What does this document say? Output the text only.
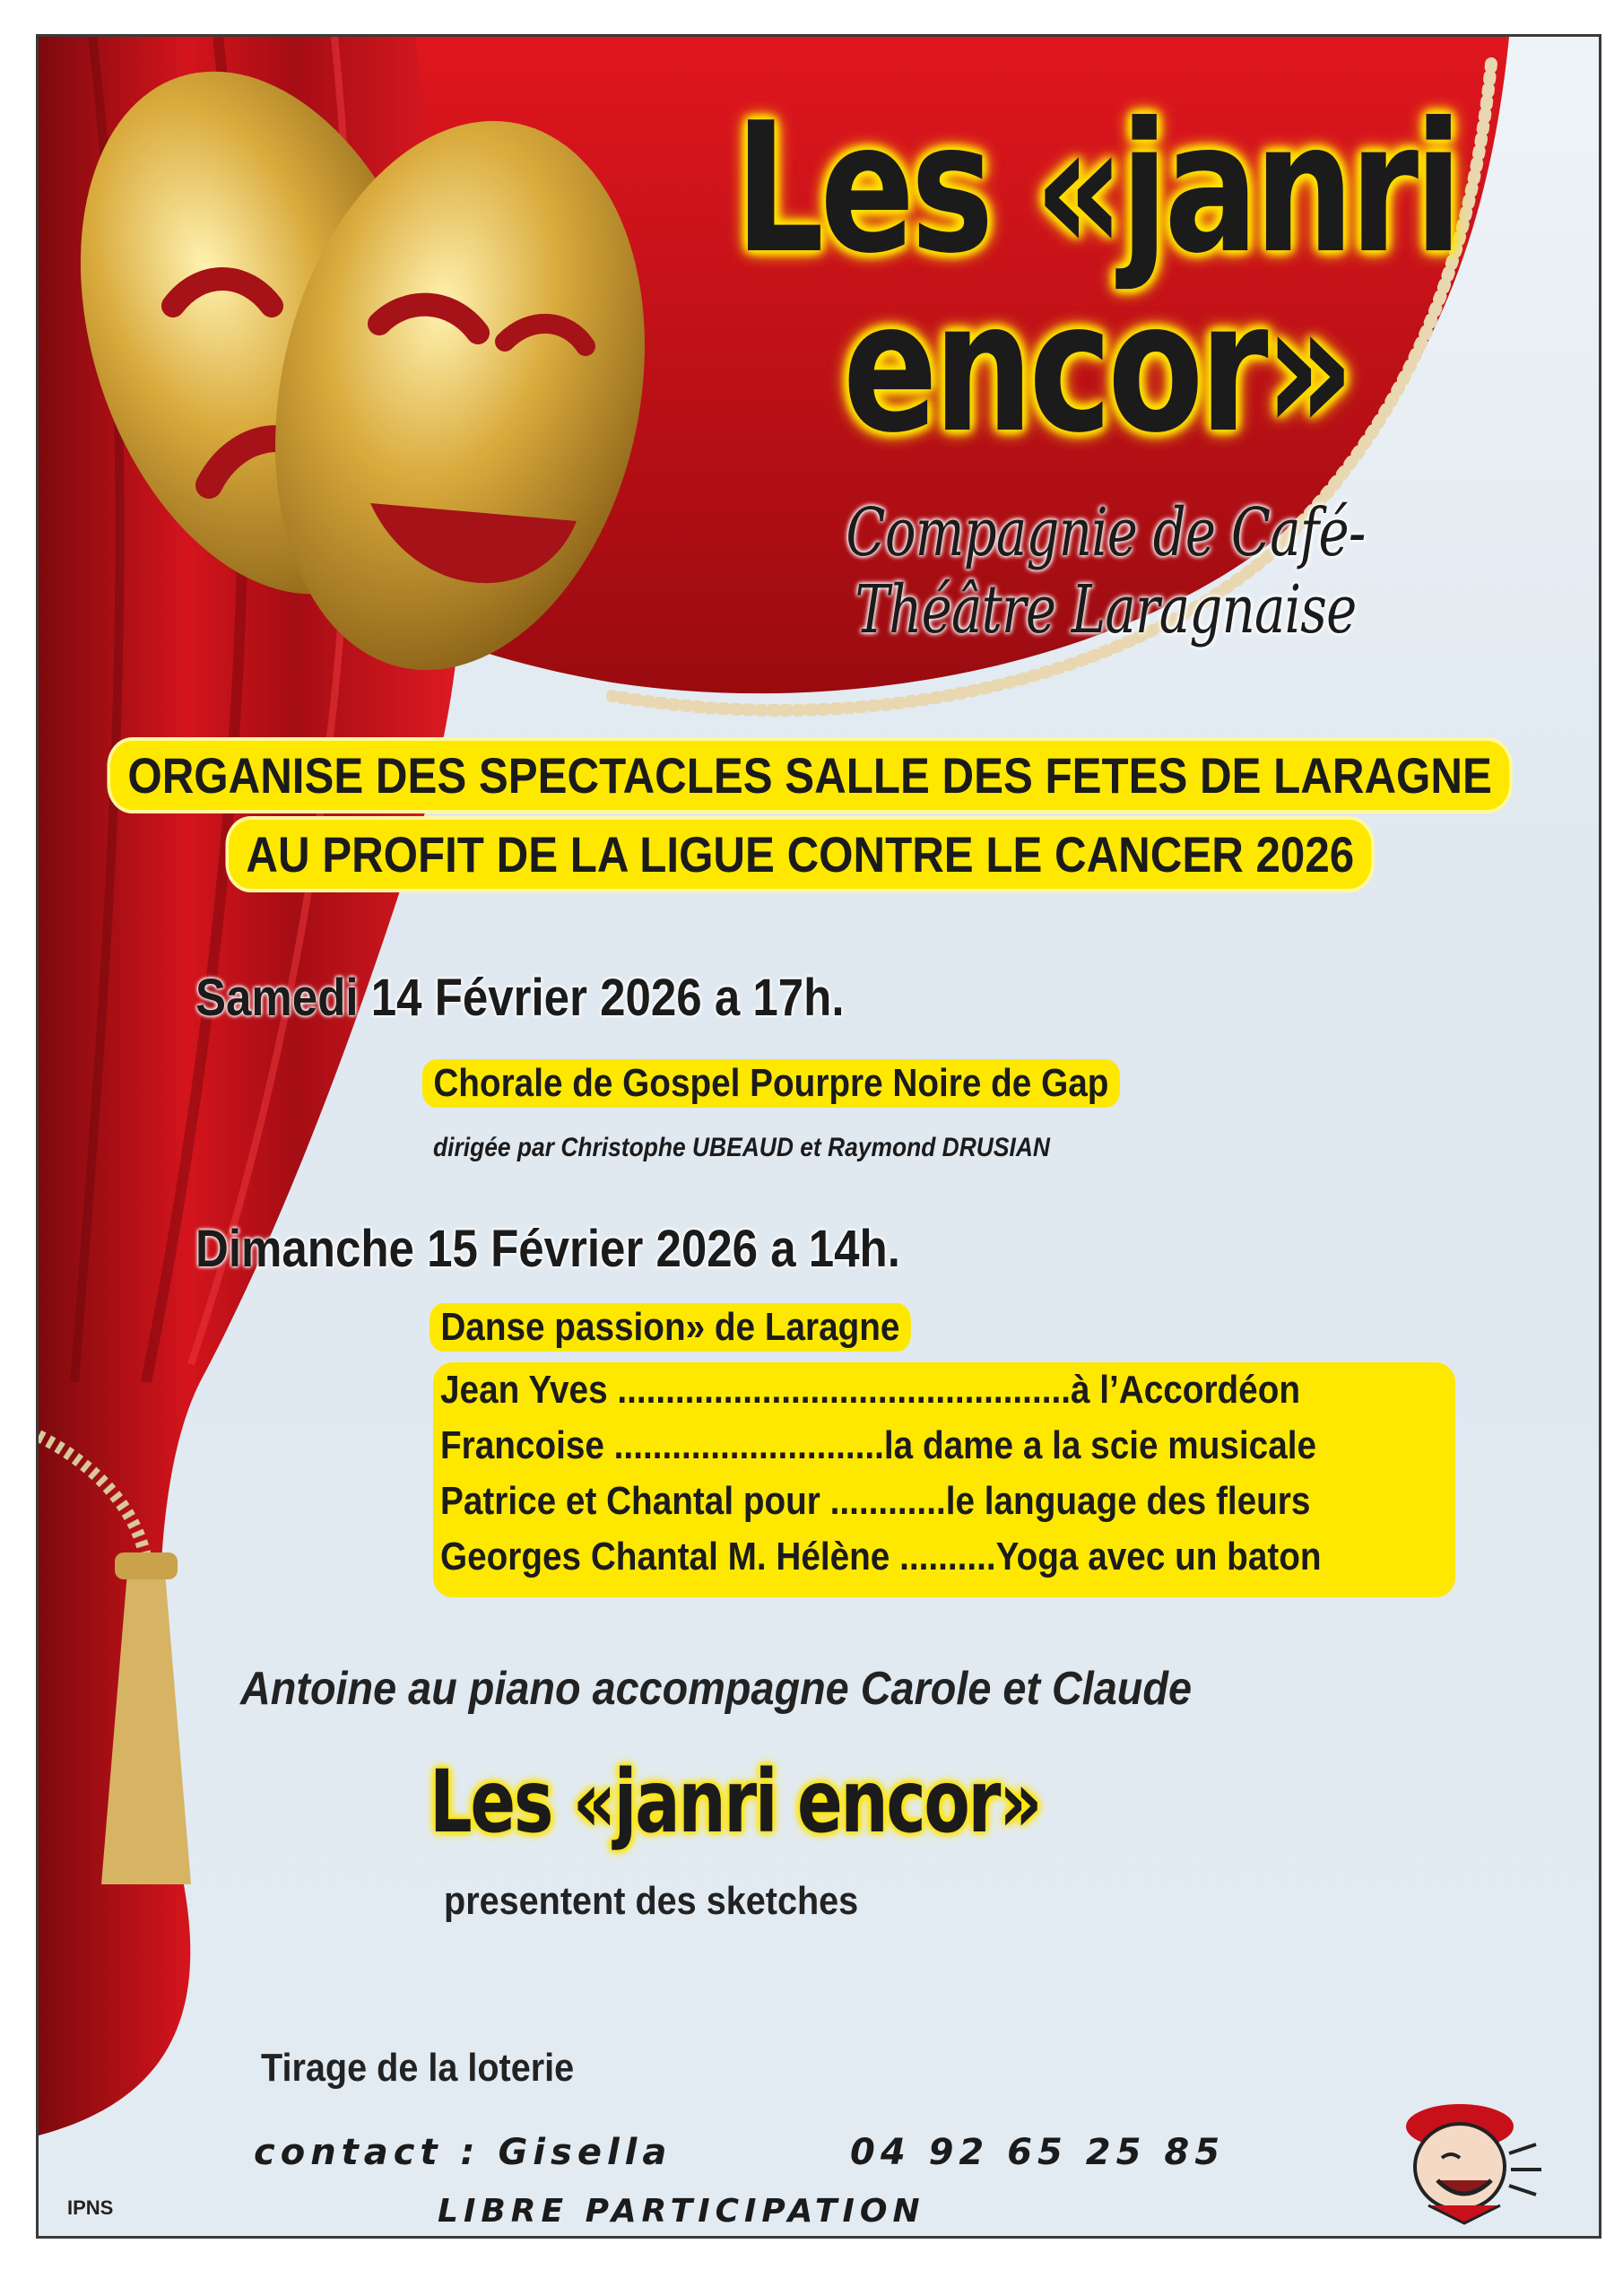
Les «janri encor»
Compagnie de Café-Théâtre Laragnaise
ORGANISE DES SPECTACLES SALLE DES FETES DE LARAGNE
AU PROFIT DE LA LIGUE CONTRE LE CANCER 2026
Samedi 14 Février 2026 a 17h.
Chorale de Gospel Pourpre Noire de Gap
dirigée par Christophe UBEAUD et Raymond DRUSIAN
Dimanche 15 Février 2026 a 14h.
Danse passion» de Laragne
Jean Yves ...............................................à l’Accordéon
Francoise ............................la dame a la scie musicale
Patrice et Chantal pour ............le language des fleurs
Georges Chantal M. Hélène ..........Yoga avec un baton
Antoine au piano accompagne Carole et Claude
Les «janri encor»
presentent des sketches
Tirage de la loterie
contact : Gisella	04 92 65 25 85
LIBRE PARTICIPATION
IPNS
